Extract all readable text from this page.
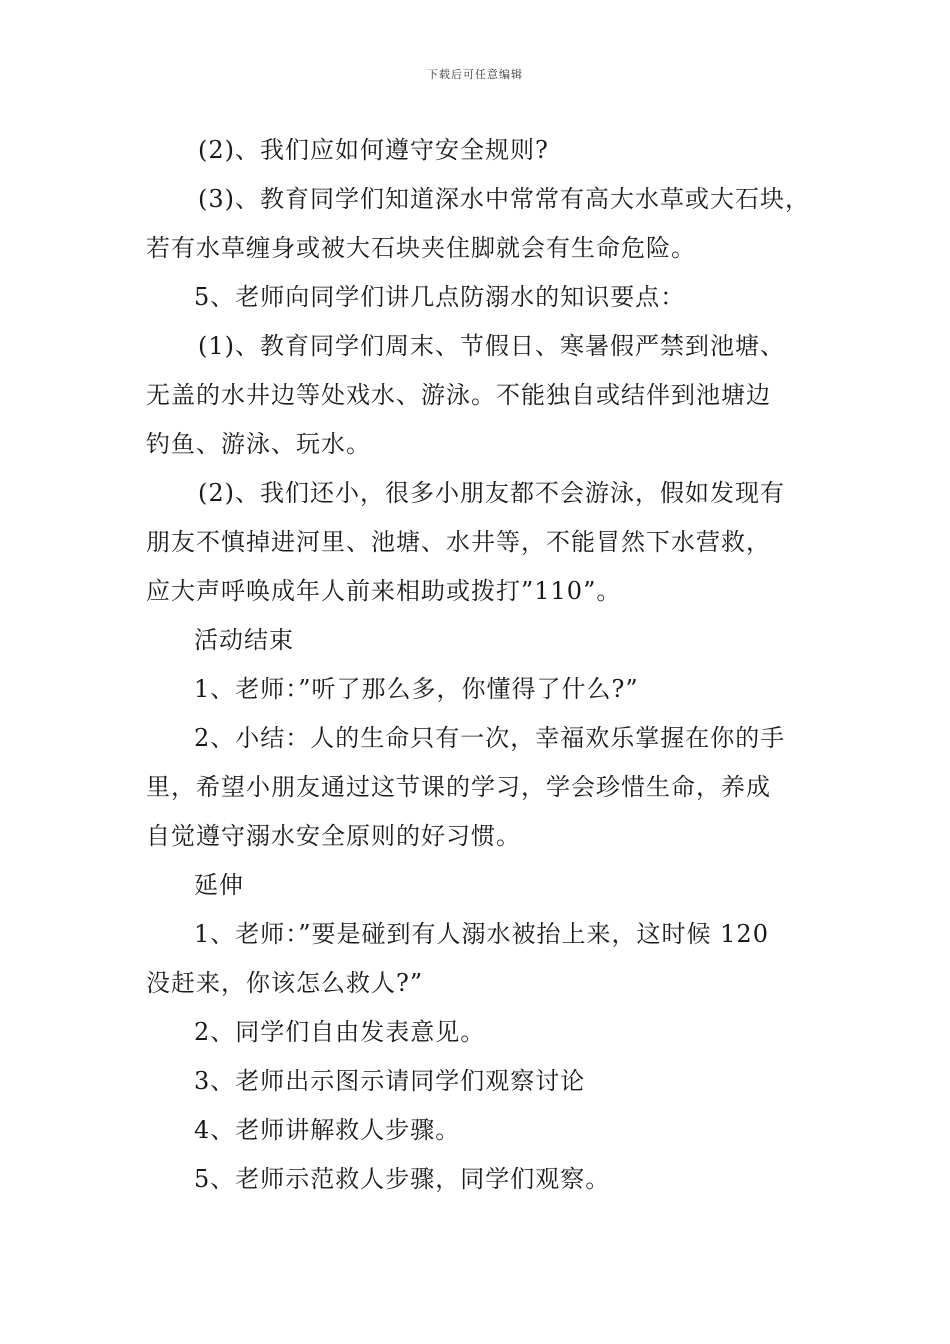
下载后可任意编辑
(2)、我们应如何遵守安全规则?
(3)、教育同学们知道深水中常常有高大水草或大石块，
若有水草缠身或被大石块夹住脚就会有生命危险。
5、老师向同学们讲几点防溺水的知识要点：
(1)、教育同学们周末、节假日、寒暑假严禁到池塘、
无盖的水井边等处戏水、游泳。不能独自或结伴到池塘边
钓鱼、游泳、玩水。
(2)、我们还小，很多小朋友都不会游泳，假如发现有
朋友不慎掉进河里、池塘、水井等，不能冒然下水营救，
应大声呼唤成年人前来相助或拨打”110”。
活动结束
1、老师：”听了那么多，你懂得了什么?”
2、小结：人的生命只有一次，幸福欢乐掌握在你的手
里，希望小朋友通过这节课的学习，学会珍惜生命，养成
自觉遵守溺水安全原则的好习惯。
延伸
1、老师：”要是碰到有人溺水被抬上来，这时候 120
没赶来，你该怎么救人?”
2、同学们自由发表意见。
3、老师出示图示请同学们观察讨论
4、老师讲解救人步骤。
5、老师示范救人步骤，同学们观察。
